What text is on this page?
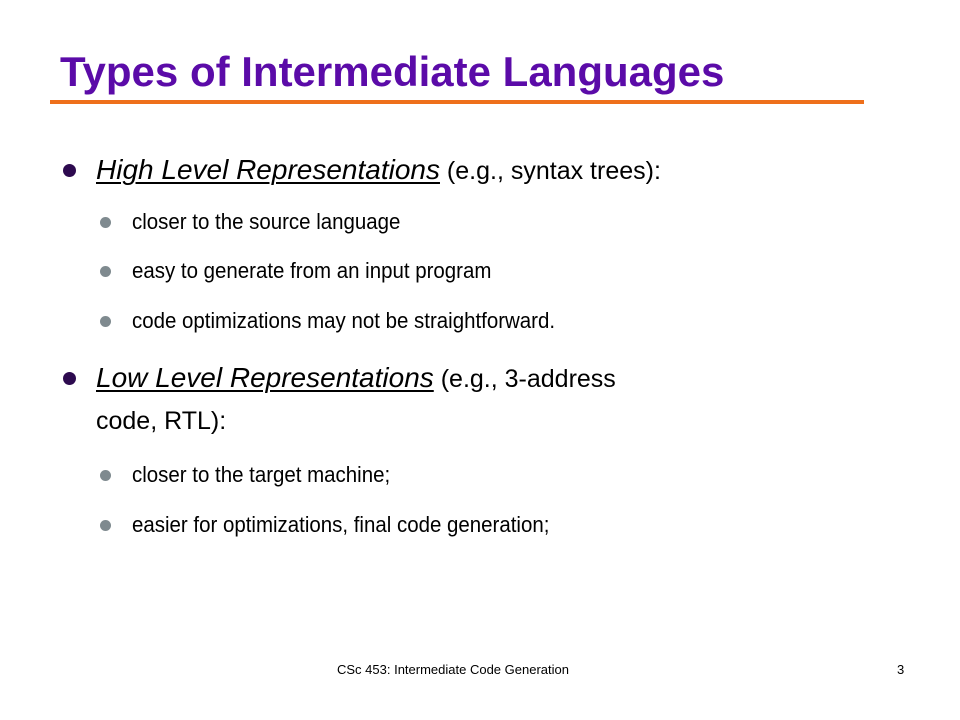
Types of Intermediate Languages
High Level Representations (e.g., syntax trees):
closer to the source language
easy to generate from an input program
code optimizations may not be straightforward.
Low Level Representations (e.g., 3-address
code, RTL):
closer to the target machine;
easier for optimizations, final code generation;
CSc 453: Intermediate Code Generation	3
